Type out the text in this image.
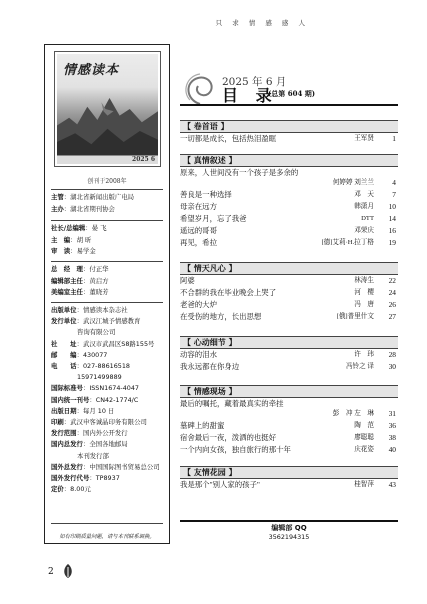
只 求 情 感 感 人
情感读本
2025 6
创刊于2008年
主管：湖北省新闻出版广电局
主办：湖北省期刊协会
社长/总编辑：晏 飞
主　编：胡 昕
审　读：易学金
总　经　理：付正华
编辑部主任：黄启方
美编室主任：董晓芳
出版单位：情感读本杂志社
发行单位：武汉江城予情感教育
咨询有限公司
社　　址：武汉市武昌区S8路155号
邮　　编：430077
电　　话：027-88616518
15971499889
国际标准号：ISSN1674-4047
国内统一刊号：CN42-1774/C
出版日期：每月 10 日
印刷：武汉申客诚晶印务有限公司
发行范围：国内外公开发行
国内总发行：全国各地邮局
本刊发行部
国外总发行：中国国际图书贸易总公司
国外发行代号：TP8937
定价：8.00元
如有印刷质量问题，请与本刊联系调换。
2025 年 6 月
目 录
(总第 604 期)
【 卷首语 】
一切都是成长，包括热泪盈眶	王军贤	1
【 真情叙述 】
原来，人世间没有一个孩子是多余的
何婷婷 刘兰兰	4
善良是一种选择	邓　天	7
母亲在远方	韩潇月	10
希望岁月，忘了我爸	DTT	14
遥远的哥哥	邓荣庆	16
再见，希拉	[德]艾莉·H.拉丁格	19
【 情天凡心 】
阿婆	林涛生	22
不合群的我在毕业晚会上哭了	河　樱	24
老爸的大炉	冯　唐	26
在受伤的地方，长出思想	[俄]普里什文	27
【 心动细节 】
动容的泪水	许　玮	28
我永远都在你身边	冯铃之 译	30
【 情感现场 】
最后的嘱托，藏着最真实的牵挂
彭　冲 左　琳	31
墓碑上的甜蜜	陶　范	36
宿舍最后一夜，泼洒的也挺好	廖聪聪	38
一个内向女孩，独自旅行的那十年	庆花姿	40
【 友情花园 】
我是那个"别人家的孩子"	桂智萍	43
编辑部 QQ
3562194315
2
